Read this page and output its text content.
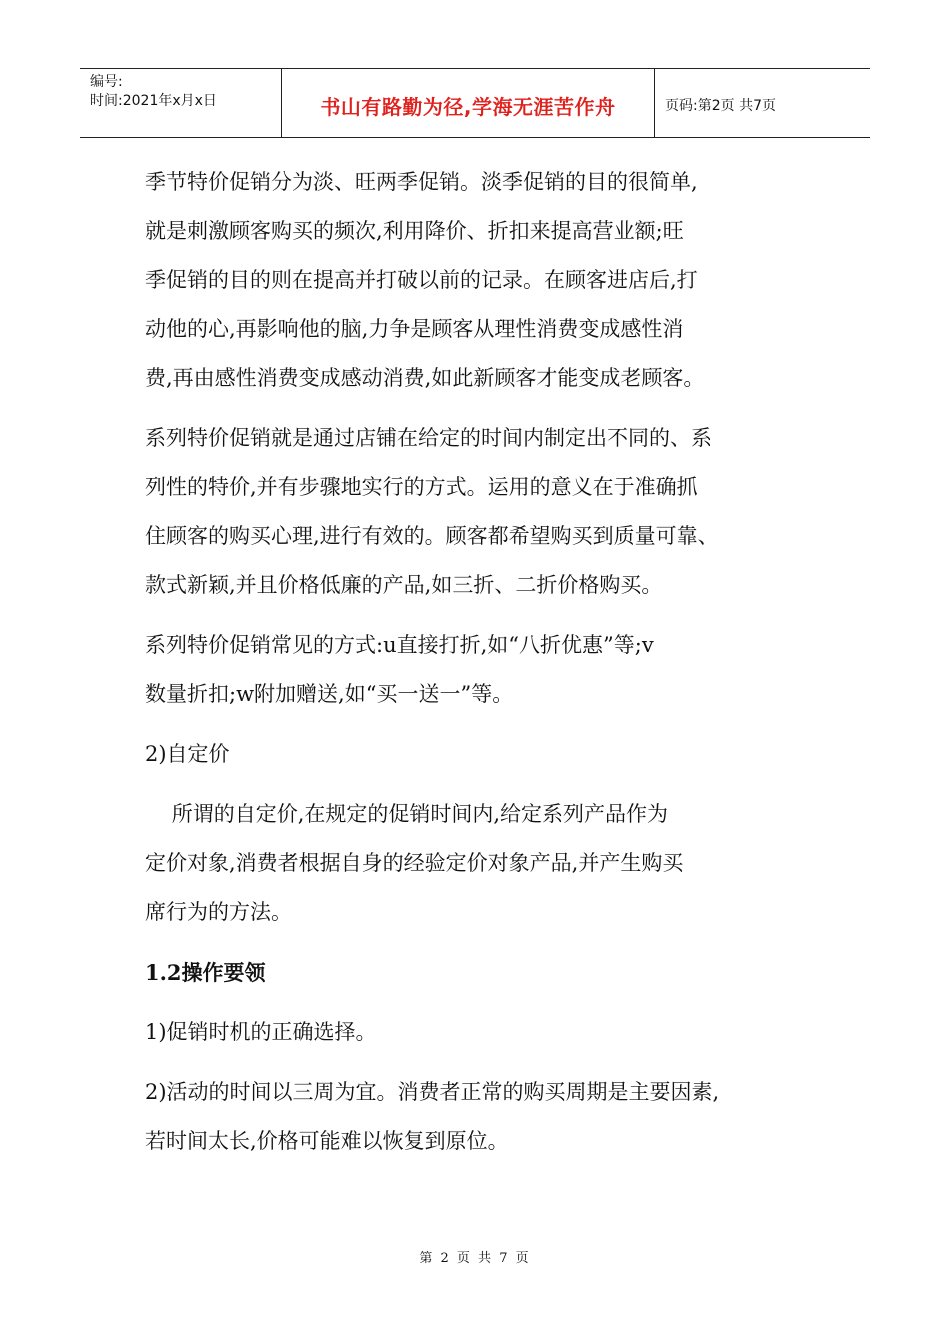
编号:
时间:2021年x月x日	书山有路勤为径,学海无涯苦作舟	页码:第2页 共7页

季节特价促销分为淡、旺两季促销。淡季促销的目的很简单,

就是刺激顾客购买的频次,利用降价、折扣来提高营业额;旺

季促销的目的则在提高并打破以前的记录。在顾客进店后,打

动他的心,再影响他的脑,力争是顾客从理性消费变成感性消

费,再由感性消费变成感动消费,如此新顾客才能变成老顾客。

系列特价促销就是通过店铺在给定的时间内制定出不同的、系

列性的特价,并有步骤地实行的方式。运用的意义在于准确抓

住顾客的购买心理,进行有效的。顾客都希望购买到质量可靠、

款式新颖,并且价格低廉的产品,如三折、二折价格购买。

系列特价促销常见的方式:u直接打折,如“八折优惠”等;v

数量折扣;w附加赠送,如“买一送一”等。

2)自定价

所谓的自定价,在规定的促销时间内,给定系列产品作为

定价对象,消费者根据自身的经验定价对象产品,并产生购买

席行为的方法。

1.2操作要领

1)促销时机的正确选择。

2)活动的时间以三周为宜。消费者正常的购买周期是主要因素,

若时间太长,价格可能难以恢复到原位。

第 2 页 共 7 页
